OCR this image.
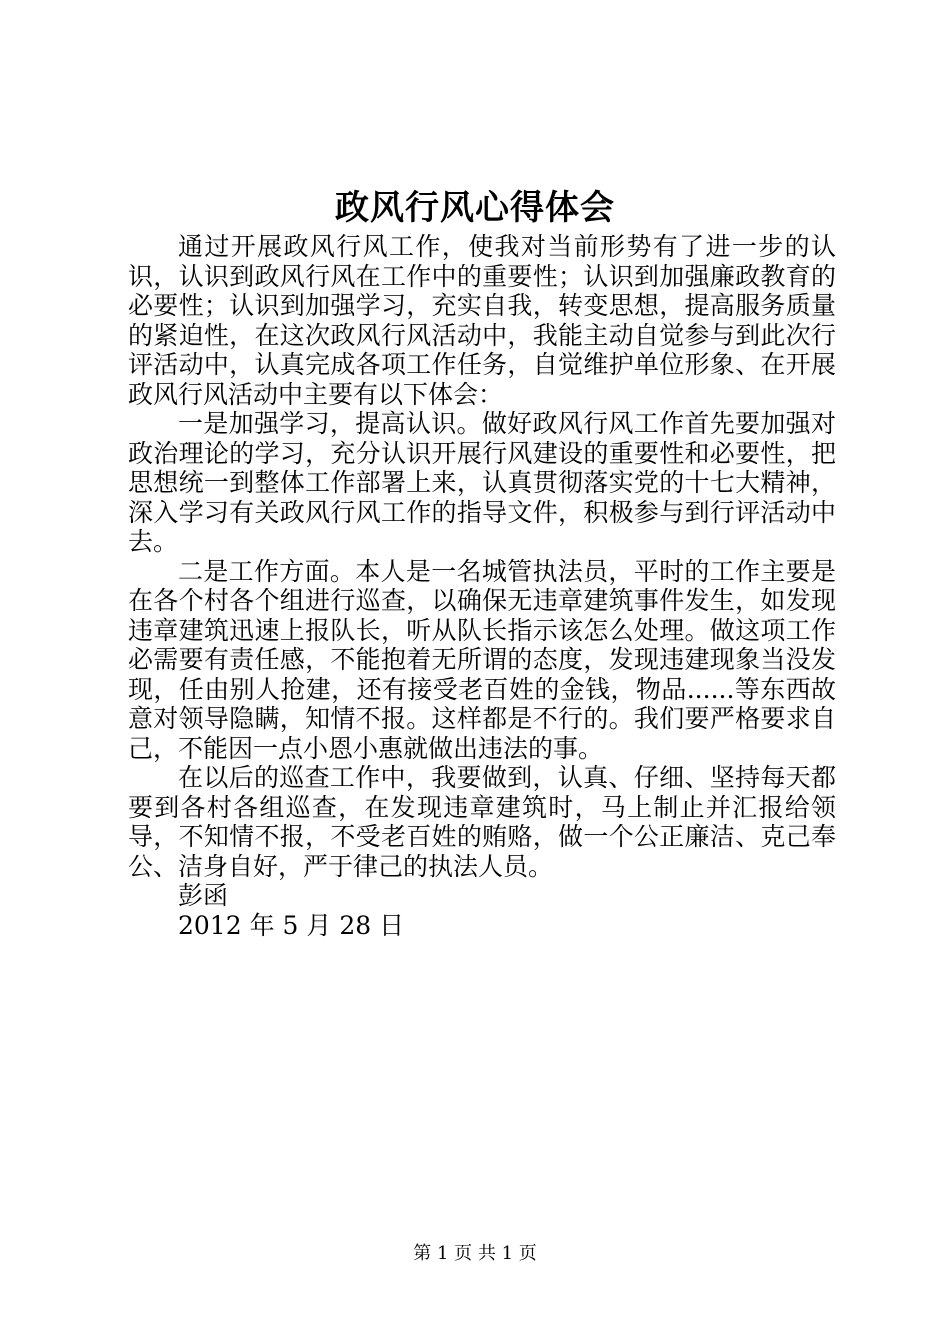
政风行风心得体会

通过开展政风行风工作，使我对当前形势有了进一步的认识，认识到政风行风在工作中的重要性；认识到加强廉政教育的必要性；认识到加强学习，充实自我，转变思想，提高服务质量的紧迫性，在这次政风行风活动中，我能主动自觉参与到此次行评活动中，认真完成各项工作任务，自觉维护单位形象、在开展政风行风活动中主要有以下体会：

一是加强学习，提高认识。做好政风行风工作首先要加强对政治理论的学习，充分认识开展行风建设的重要性和必要性，把思想统一到整体工作部署上来，认真贯彻落实党的十七大精神，深入学习有关政风行风工作的指导文件，积极参与到行评活动中去。

二是工作方面。本人是一名城管执法员，平时的工作主要是在各个村各个组进行巡查，以确保无违章建筑事件发生，如发现违章建筑迅速上报队长，听从队长指示该怎么处理。做这项工作必需要有责任感，不能抱着无所谓的态度，发现违建现象当没发现，任由别人抢建，还有接受老百姓的金钱，物品......等东西故意对领导隐瞒，知情不报。这样都是不行的。我们要严格要求自己，不能因一点小恩小惠就做出违法的事。

在以后的巡查工作中，我要做到，认真、仔细、坚持每天都要到各村各组巡查，在发现违章建筑时，马上制止并汇报给领导，不知情不报，不受老百姓的贿赂，做一个公正廉洁、克己奉公、洁身自好，严于律己的执法人员。

彭函

2012 年 5 月 28 日

第 1 页 共 1 页
